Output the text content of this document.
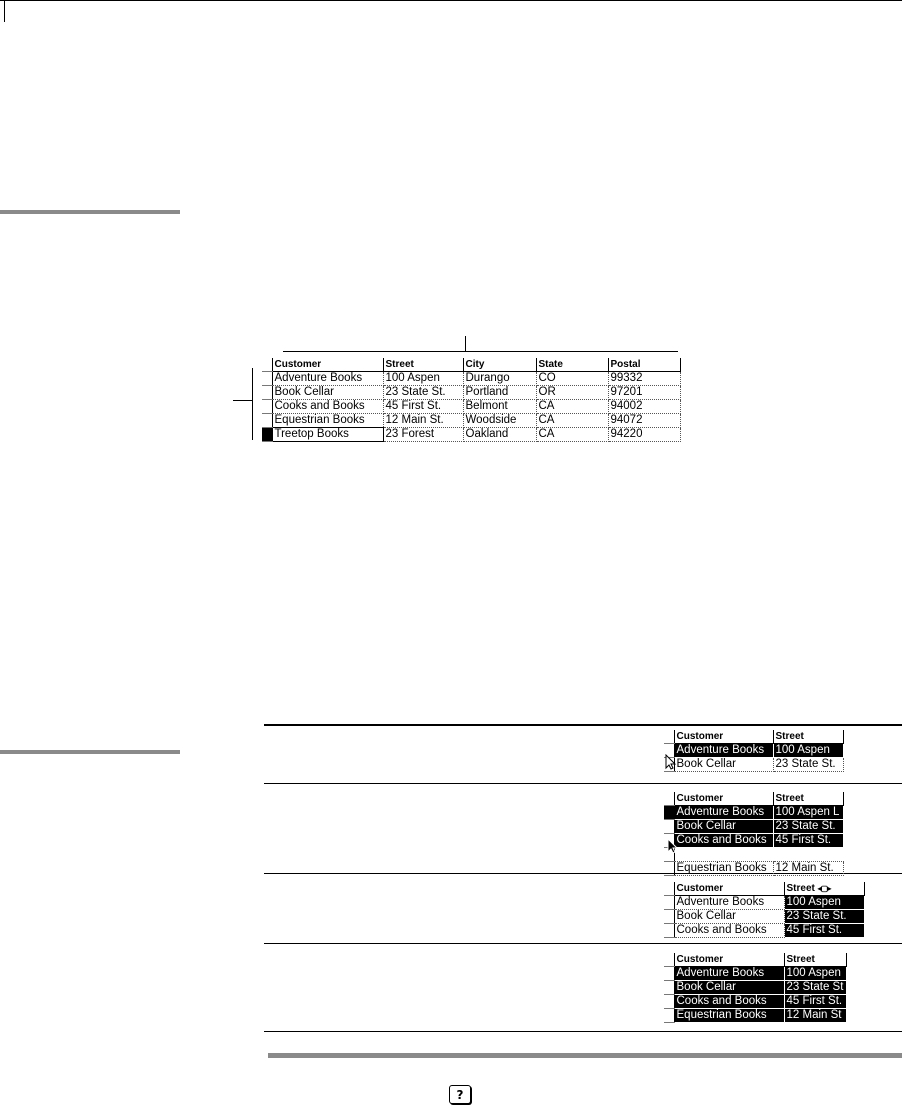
	Customer	Street	City	State	Postal
	Adventure Books	100 Aspen	Durango	CO	99332
	Book Cellar	23 State St.	Portland	OR	97201
	Cooks and Books	45 First St.	Belmont	CA	94002
	Equestrian Books	12 Main St.	Woodside	CA	94072
	Treetop Books	23 Forest	Oakland	CA	94220
	Customer	Street
	Adventure Books	100 Aspen
	Book Cellar	23 State St.
	Customer	Street
	Adventure Books	100 Aspen L
	Book Cellar	23 State St.
	Cooks and Books	45 First St.

	Equestrian Books	12 Main St.
	Customer	Street ◂▢▸
	Adventure Books	100 Aspen
	Book Cellar	23 State St.
	Cooks and Books	45 First St.
	Customer	Street
	Adventure Books	100 Aspen
	Book Cellar	23 State St
	Cooks and Books	45 First St.
	Equestrian Books	12 Main St
?
